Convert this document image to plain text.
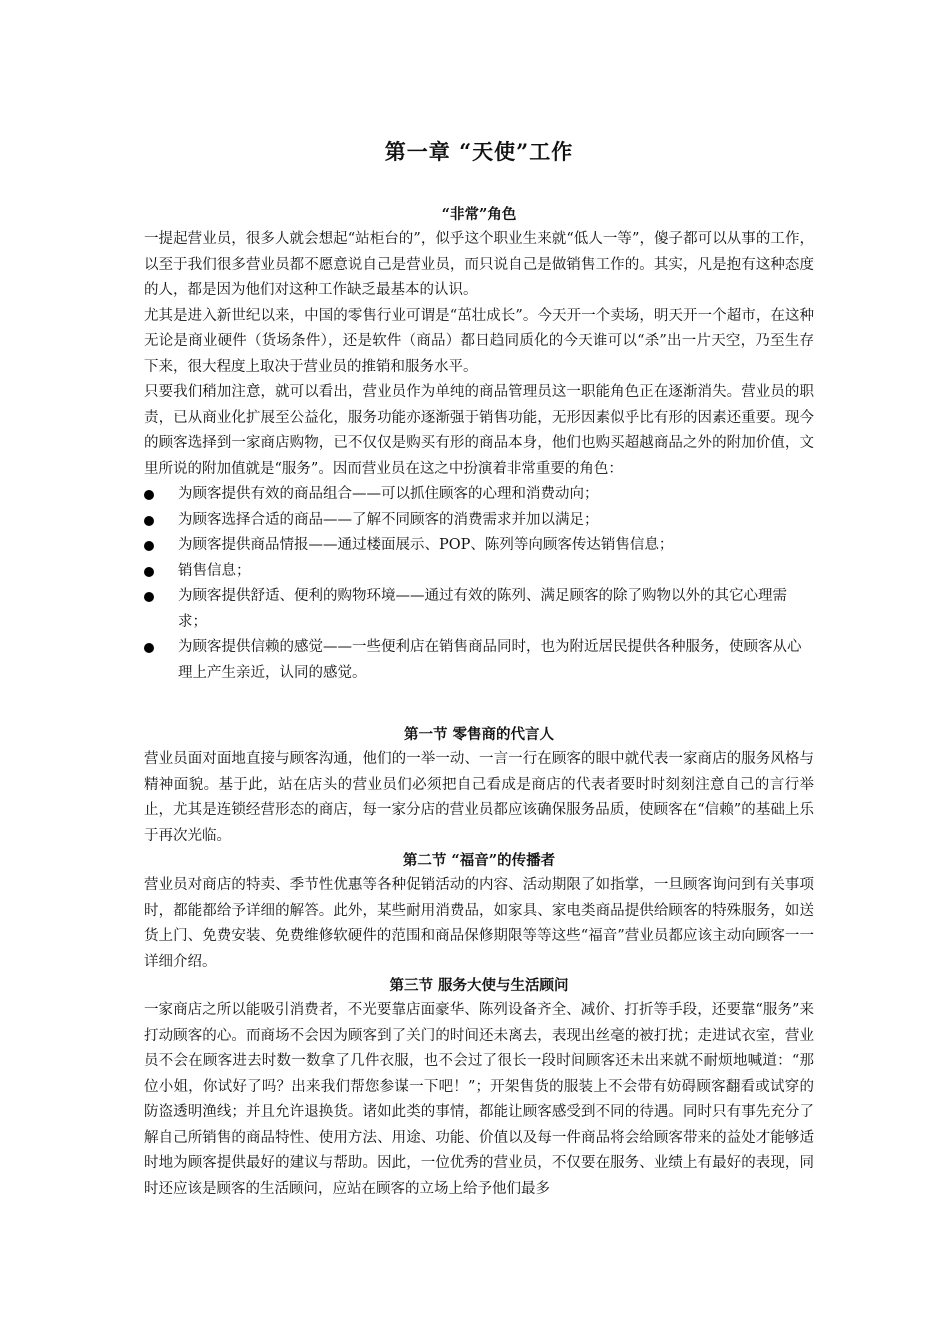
第一章 “天使”工作

“非常”角色

一提起营业员，很多人就会想起“站柜台的”，似乎这个职业生来就“低人一等”，傻子都可以从事的工作，以至于我们很多营业员都不愿意说自己是营业员，而只说自己是做销售工作的。其实，凡是抱有这种态度的人，都是因为他们对这种工作缺乏最基本的认识。

尤其是进入新世纪以来，中国的零售行业可谓是“茁壮成长”。今天开一个卖场，明天开一个超市，在这种无论是商业硬件（货场条件），还是软件（商品）都日趋同质化的今天谁可以“杀”出一片天空，乃至生存下来，很大程度上取决于营业员的推销和服务水平。

只要我们稍加注意，就可以看出，营业员作为单纯的商品管理员这一职能角色正在逐渐消失。营业员的职责，已从商业化扩展至公益化，服务功能亦逐渐强于销售功能，无形因素似乎比有形的因素还重要。现今的顾客选择到一家商店购物，已不仅仅是购买有形的商品本身，他们也购买超越商品之外的附加价值，文里所说的附加值就是“服务”。因而营业员在这之中扮演着非常重要的角色：

为顾客提供有效的商品组合——可以抓住顾客的心理和消费动向；
为顾客选择合适的商品——了解不同顾客的消费需求并加以满足；
为顾客提供商品情报——通过楼面展示、POP、陈列等向顾客传达销售信息；
销售信息；
为顾客提供舒适、便利的购物环境——通过有效的陈列、满足顾客的除了购物以外的其它心理需求；
为顾客提供信赖的感觉——一些便利店在销售商品同时，也为附近居民提供各种服务，使顾客从心理上产生亲近，认同的感觉。

第一节 零售商的代言人

营业员面对面地直接与顾客沟通，他们的一举一动、一言一行在顾客的眼中就代表一家商店的服务风格与精神面貌。基于此，站在店头的营业员们必须把自己看成是商店的代表者要时时刻刻注意自己的言行举止，尤其是连锁经营形态的商店，每一家分店的营业员都应该确保服务品质，使顾客在“信赖”的基础上乐于再次光临。

第二节 “福音”的传播者

营业员对商店的特卖、季节性优惠等各种促销活动的内容、活动期限了如指掌，一旦顾客询问到有关事项时，都能都给予详细的解答。此外，某些耐用消费品，如家具、家电类商品提供给顾客的特殊服务，如送货上门、免费安装、免费维修软硬件的范围和商品保修期限等等这些“福音”营业员都应该主动向顾客一一详细介绍。

第三节 服务大使与生活顾问

一家商店之所以能吸引消费者，不光要靠店面豪华、陈列设备齐全、减价、打折等手段，还要靠“服务”来打动顾客的心。而商场不会因为顾客到了关门的时间还未离去，表现出丝毫的被打扰；走进试衣室，营业员不会在顾客进去时数一数拿了几件衣服，也不会过了很长一段时间顾客还未出来就不耐烦地喊道：“那位小姐，你试好了吗？出来我们帮您参谋一下吧！”；开架售货的服装上不会带有妨碍顾客翻看或试穿的防盗透明渔线；并且允许退换货。诸如此类的事情，都能让顾客感受到不同的待遇。同时只有事先充分了解自己所销售的商品特性、使用方法、用途、功能、价值以及每一件商品将会给顾客带来的益处才能够适时地为顾客提供最好的建议与帮助。因此，一位优秀的营业员，不仅要在服务、业绩上有最好的表现，同时还应该是顾客的生活顾问，应站在顾客的立场上给予他们最多
